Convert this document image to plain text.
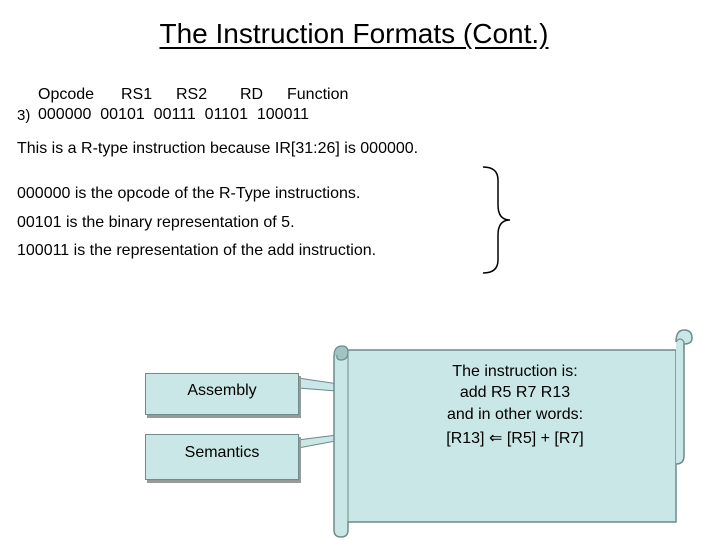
The Instruction Formats (Cont.)
Opcode RS1 RS2 RD Function
3) 000000  00101  00111  01101  100011
This is a R-type instruction because IR[31:26] is 000000.
000000 is the opcode of the R-Type instructions.
00101 is the binary representation of 5.
100011 is the representation of the add instruction.
Assembly
Semantics
The instruction is:
add R5 R7 R13
and in other words:
[R13] ⇐ [R5] + [R7]
